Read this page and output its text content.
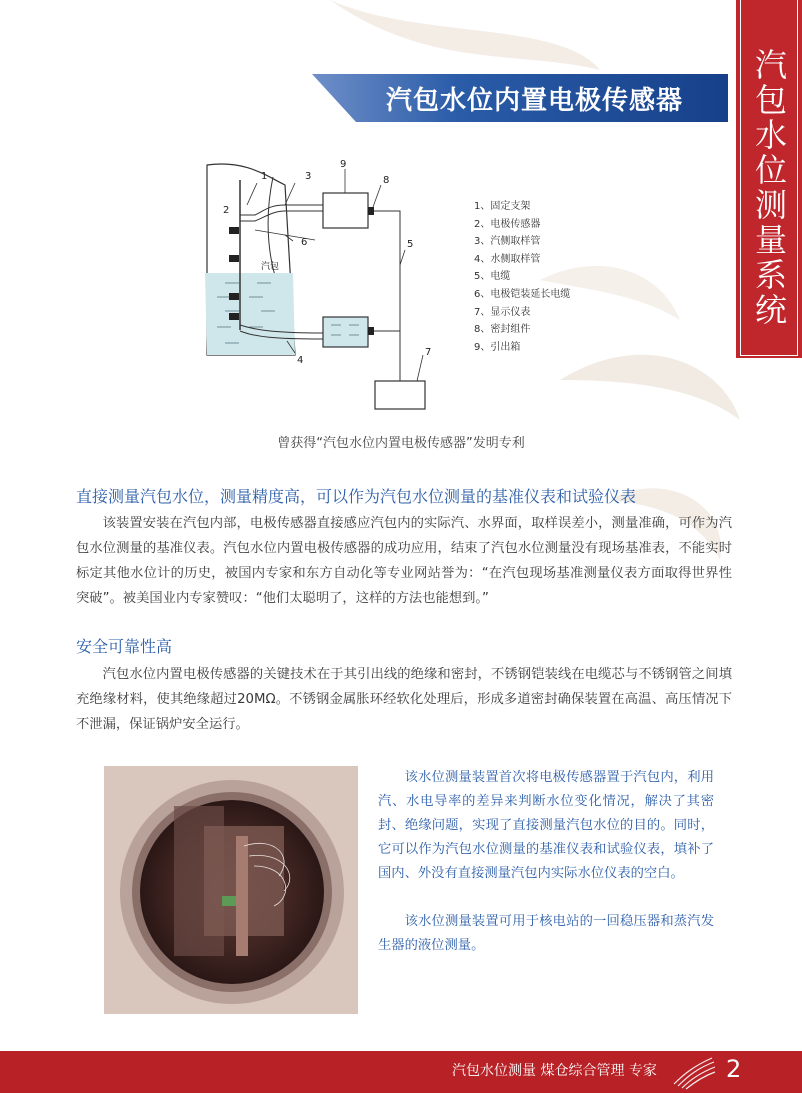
汽包水位测量系统
汽包水位内置电极传感器
1
2
3
4
5
6
7
8
9
汽包
1、固定支架
2、电极传感器
3、汽侧取样管
4、水侧取样管
5、电缆
6、电极铠装延长电缆
7、显示仪表
8、密封组件
9、引出箱
曾获得“汽包水位内置电极传感器”发明专利
直接测量汽包水位，测量精度高，可以作为汽包水位测量的基准仪表和试验仪表
该装置安装在汽包内部，电极传感器直接感应汽包内的实际汽、水界面，取样误差小，测量准确，可作为汽包水位测量的基准仪表。汽包水位内置电极传感器的成功应用，结束了汽包水位测量没有现场基准表，不能实时标定其他水位计的历史，被国内专家和东方自动化等专业网站誉为：“在汽包现场基准测量仪表方面取得世界性突破”。被美国业内专家赞叹：“他们太聪明了，这样的方法也能想到。”
安全可靠性高
汽包水位内置电极传感器的关键技术在于其引出线的绝缘和密封，不锈钢铠装线在电缆芯与不锈钢管之间填充绝缘材料，使其绝缘超过20MΩ。不锈钢金属胀环经软化处理后，形成多道密封确保装置在高温、高压情况下不泄漏，保证锅炉安全运行。
该水位测量装置首次将电极传感器置于汽包内，利用汽、水电导率的差异来判断水位变化情况，解决了其密封、绝缘问题，实现了直接测量汽包水位的目的。同时，它可以作为汽包水位测量的基准仪表和试验仪表，填补了国内、外没有直接测量汽包内实际水位仪表的空白。
该水位测量装置可用于核电站的一回稳压器和蒸汽发生器的液位测量。
汽包水位测量 煤仓综合管理 专家	2
